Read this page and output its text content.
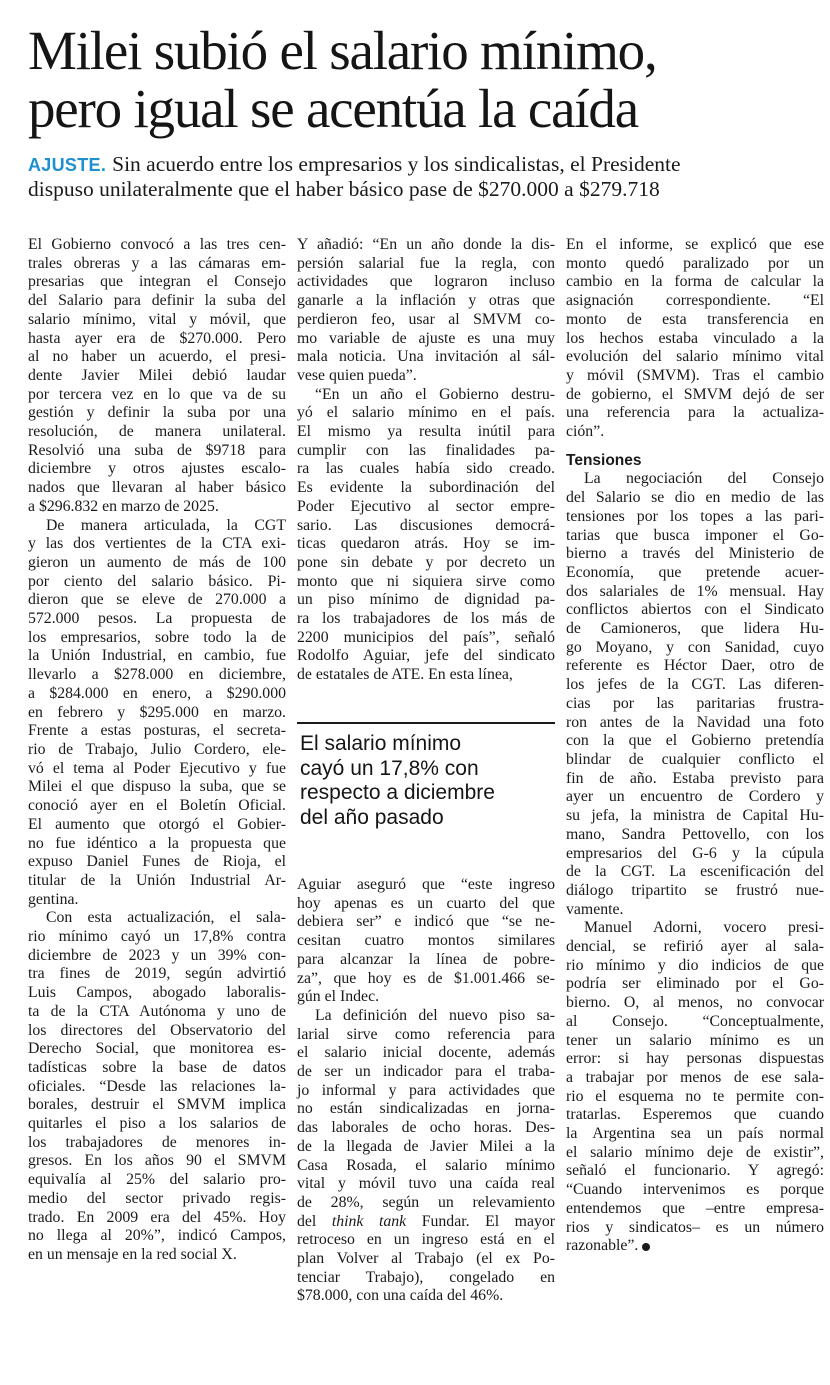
Milei subió el salario mínimo,
pero igual se acentúa la caída
AJUSTE. Sin acuerdo entre los empresarios y los sindicalistas, el Presidente
dispuso unilateralmente que el haber básico pase de $270.000 a $279.718
El Gobierno convocó a las tres cen-
trales obreras y a las cámaras em-
presarias que integran el Consejo
del Salario para definir la suba del
salario mínimo, vital y móvil, que
hasta ayer era de $270.000. Pero
al no haber un acuerdo, el presi-
dente Javier Milei debió laudar
por tercera vez en lo que va de su
gestión y definir la suba por una
resolución, de manera unilateral.
Resolvió una suba de $9718 para
diciembre y otros ajustes escalo-
nados que llevaran al haber básico
a $296.832 en marzo de 2025.
De manera articulada, la CGT
y las dos vertientes de la CTA exi-
gieron un aumento de más de 100
por ciento del salario básico. Pi-
dieron que se eleve de 270.000 a
572.000 pesos. La propuesta de
los empresarios, sobre todo la de
la Unión Industrial, en cambio, fue
llevarlo a $278.000 en diciembre,
a $284.000 en enero, a $290.000
en febrero y $295.000 en marzo.
Frente a estas posturas, el secreta-
rio de Trabajo, Julio Cordero, ele-
vó el tema al Poder Ejecutivo y fue
Milei el que dispuso la suba, que se
conoció ayer en el Boletín Oficial.
El aumento que otorgó el Gobier-
no fue idéntico a la propuesta que
expuso Daniel Funes de Rioja, el
titular de la Unión Industrial Ar-
gentina.
Con esta actualización, el sala-
rio mínimo cayó un 17,8% contra
diciembre de 2023 y un 39% con-
tra fines de 2019, según advirtió
Luis Campos, abogado laboralis-
ta de la CTA Autónoma y uno de
los directores del Observatorio del
Derecho Social, que monitorea es-
tadísticas sobre la base de datos
oficiales. “Desde las relaciones la-
borales, destruir el SMVM implica
quitarles el piso a los salarios de
los trabajadores de menores in-
gresos. En los años 90 el SMVM
equivalía al 25% del salario pro-
medio del sector privado regis-
trado. En 2009 era del 45%. Hoy
no llega al 20%”, indicó Campos,
en un mensaje en la red social X.
Y añadió: “En un año donde la dis-
persión salarial fue la regla, con
actividades que lograron incluso
ganarle a la inflación y otras que
perdieron feo, usar al SMVM co-
mo variable de ajuste es una muy
mala noticia. Una invitación al sál-
vese quien pueda”.
“En un año el Gobierno destru-
yó el salario mínimo en el país.
El mismo ya resulta inútil para
cumplir con las finalidades pa-
ra las cuales había sido creado.
Es evidente la subordinación del
Poder Ejecutivo al sector empre-
sario. Las discusiones democrá-
ticas quedaron atrás. Hoy se im-
pone sin debate y por decreto un
monto que ni siquiera sirve como
un piso mínimo de dignidad pa-
ra los trabajadores de los más de
2200 municipios del país”, señaló
Rodolfo Aguiar, jefe del sindicato
de estatales de ATE. En esta línea,
El salario mínimo
cayó un 17,8% con
respecto a diciembre
del año pasado
Aguiar aseguró que “este ingreso
hoy apenas es un cuarto del que
debiera ser” e indicó que “se ne-
cesitan cuatro montos similares
para alcanzar la línea de pobre-
za”, que hoy es de $1.001.466 se-
gún el Indec.
La definición del nuevo piso sa-
larial sirve como referencia para
el salario inicial docente, además
de ser un indicador para el traba-
jo informal y para actividades que
no están sindicalizadas en jorna-
das laborales de ocho horas. Des-
de la llegada de Javier Milei a la
Casa Rosada, el salario mínimo
vital y móvil tuvo una caída real
de 28%, según un relevamiento
del think tank Fundar. El mayor
retroceso en un ingreso está en el
plan Volver al Trabajo (el ex Po-
tenciar Trabajo), congelado en
$78.000, con una caída del 46%.
En el informe, se explicó que ese
monto quedó paralizado por un
cambio en la forma de calcular la
asignación correspondiente. “El
monto de esta transferencia en
los hechos estaba vinculado a la
evolución del salario mínimo vital
y móvil (SMVM). Tras el cambio
de gobierno, el SMVM dejó de ser
una referencia para la actualiza-
ción”.
Tensiones
La negociación del Consejo
del Salario se dio en medio de las
tensiones por los topes a las pari-
tarias que busca imponer el Go-
bierno a través del Ministerio de
Economía, que pretende acuer-
dos salariales de 1% mensual. Hay
conflictos abiertos con el Sindicato
de Camioneros, que lidera Hu-
go Moyano, y con Sanidad, cuyo
referente es Héctor Daer, otro de
los jefes de la CGT. Las diferen-
cias por las paritarias frustra-
ron antes de la Navidad una foto
con la que el Gobierno pretendía
blindar de cualquier conflicto el
fin de año. Estaba previsto para
ayer un encuentro de Cordero y
su jefa, la ministra de Capital Hu-
mano, Sandra Pettovello, con los
empresarios del G-6 y la cúpula
de la CGT. La escenificación del
diálogo tripartito se frustró nue-
vamente.
Manuel Adorni, vocero presi-
dencial, se refirió ayer al sala-
rio mínimo y dio indicios de que
podría ser eliminado por el Go-
bierno. O, al menos, no convocar
al Consejo. “Conceptualmente,
tener un salario mínimo es un
error: si hay personas dispuestas
a trabajar por menos de ese sala-
rio el esquema no te permite con-
tratarlas. Esperemos que cuando
la Argentina sea un país normal
el salario mínimo deje de existir”,
señaló el funcionario. Y agregó:
“Cuando intervenimos es porque
entendemos que –entre empresa-
rios y sindicatos– es un número
razonable”.
